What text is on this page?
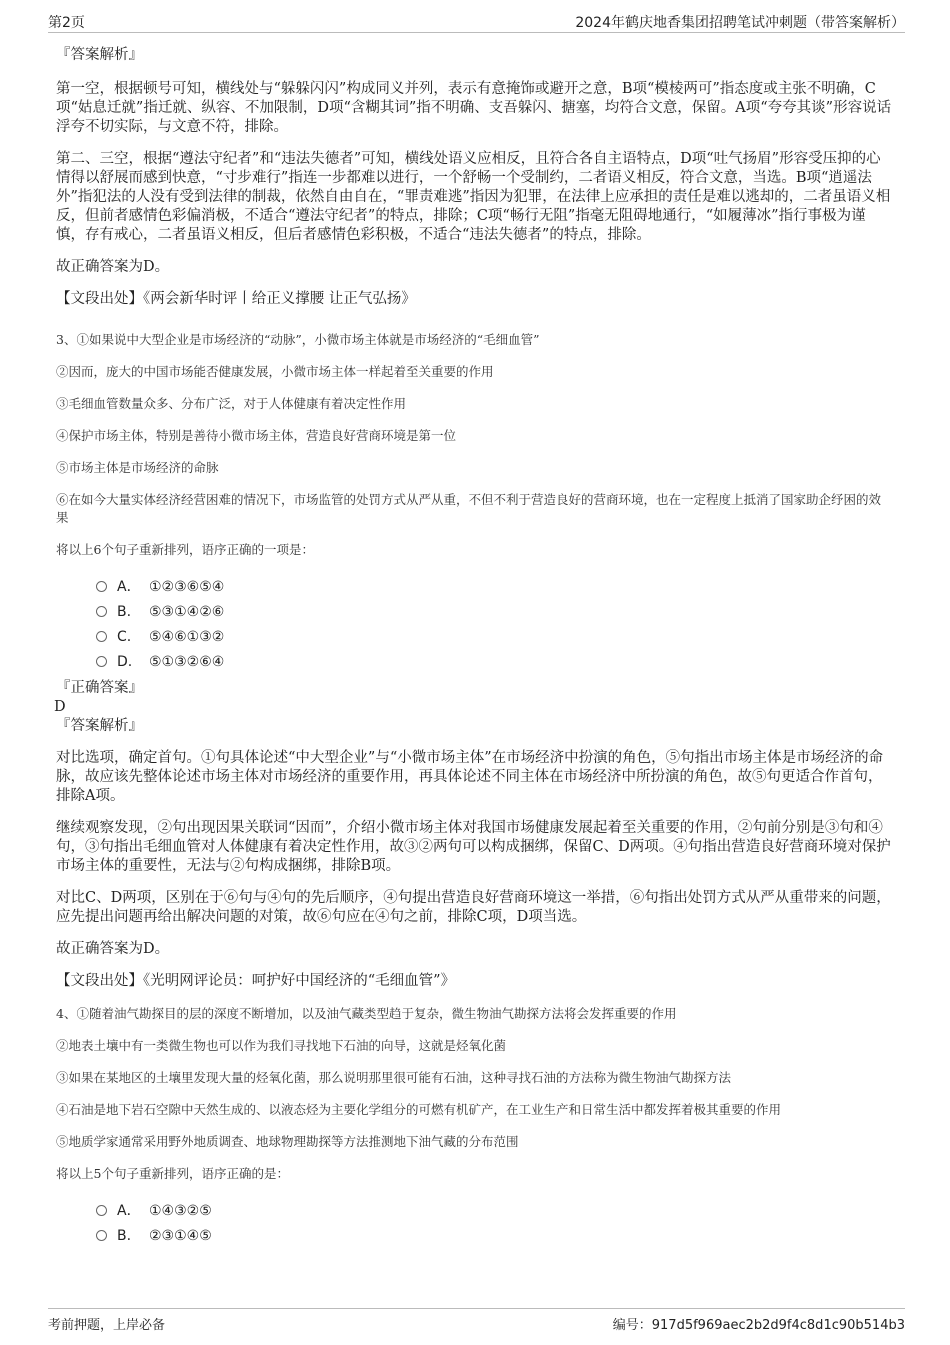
第2页	2024年鹤庆地香集团招聘笔试冲刺题（带答案解析）

『答案解析』

第一空，根据顿号可知，横线处与“躲躲闪闪”构成同义并列，表示有意掩饰或避开之意，B项“模棱两可”指态度或主张不明确，C项“姑息迁就”指迁就、纵容、不加限制，D项“含糊其词”指不明确、支吾躲闪、搪塞，均符合文意，保留。A项“夸夸其谈”形容说话浮夸不切实际，与文意不符，排除。

第二、三空，根据“遵法守纪者”和“违法失德者”可知，横线处语义应相反，且符合各自主语特点，D项“吐气扬眉”形容受压抑的心情得以舒展而感到快意，“寸步难行”指连一步都难以进行，一个舒畅一个受制约，二者语义相反，符合文意，当选。B项“逍遥法外”指犯法的人没有受到法律的制裁，依然自由自在，“罪责难逃”指因为犯罪，在法律上应承担的责任是难以逃却的，二者虽语义相反，但前者感情色彩偏消极，不适合“遵法守纪者”的特点，排除；C项“畅行无阻”指毫无阻碍地通行，“如履薄冰”指行事极为谨慎，存有戒心，二者虽语义相反，但后者感情色彩积极，不适合“违法失德者”的特点，排除。

故正确答案为D。

【文段出处】《两会新华时评丨给正义撑腰 让正气弘扬》

3、①如果说中大型企业是市场经济的“动脉”，小微市场主体就是市场经济的“毛细血管”

②因而，庞大的中国市场能否健康发展，小微市场主体一样起着至关重要的作用

③毛细血管数量众多、分布广泛，对于人体健康有着决定性作用

④保护市场主体，特别是善待小微市场主体，营造良好营商环境是第一位

⑤市场主体是市场经济的命脉

⑥在如今大量实体经济经营困难的情况下，市场监管的处罚方式从严从重，不但不利于营造良好的营商环境，也在一定程度上抵消了国家助企纾困的效果

将以上6个句子重新排列，语序正确的一项是：

A． ①②③⑥⑤④
B. ⑤③①④②⑥
C. ⑤④⑥①③②
D. ⑤①③②⑥④

『正确答案』

D

『答案解析』

对比选项，确定首句。①句具体论述“中大型企业”与“小微市场主体”在市场经济中扮演的角色，⑤句指出市场主体是市场经济的命脉，故应该先整体论述市场主体对市场经济的重要作用，再具体论述不同主体在市场经济中所扮演的角色，故⑤句更适合作首句，排除A项。

继续观察发现，②句出现因果关联词“因而”，介绍小微市场主体对我国市场健康发展起着至关重要的作用，②句前分别是③句和④句，③句指出毛细血管对人体健康有着决定性作用，故③②两句可以构成捆绑，保留C、D两项。④句指出营造良好营商环境对保护市场主体的重要性，无法与②句构成捆绑，排除B项。

对比C、D两项，区别在于⑥句与④句的先后顺序，④句提出营造良好营商环境这一举措，⑥句指出处罚方式从严从重带来的问题，应先提出问题再给出解决问题的对策，故⑥句应在④句之前，排除C项，D项当选。

故正确答案为D。

【文段出处】《光明网评论员：呵护好中国经济的“毛细血管”》

4、①随着油气勘探目的层的深度不断增加，以及油气藏类型趋于复杂，微生物油气勘探方法将会发挥重要的作用

②地表土壤中有一类微生物也可以作为我们寻找地下石油的向导，这就是烃氧化菌

③如果在某地区的土壤里发现大量的烃氧化菌，那么说明那里很可能有石油，这种寻找石油的方法称为微生物油气勘探方法

④石油是地下岩石空隙中天然生成的、以液态烃为主要化学组分的可燃有机矿产，在工业生产和日常生活中都发挥着极其重要的作用

⑤地质学家通常采用野外地质调查、地球物理勘探等方法推测地下油气藏的分布范围

将以上5个句子重新排列，语序正确的是：

A． ①④③②⑤
B. ②③①④⑤
考前押题，上岸必备	编号：917d5f969aec2b2d9f4c8d1c90b514b3
